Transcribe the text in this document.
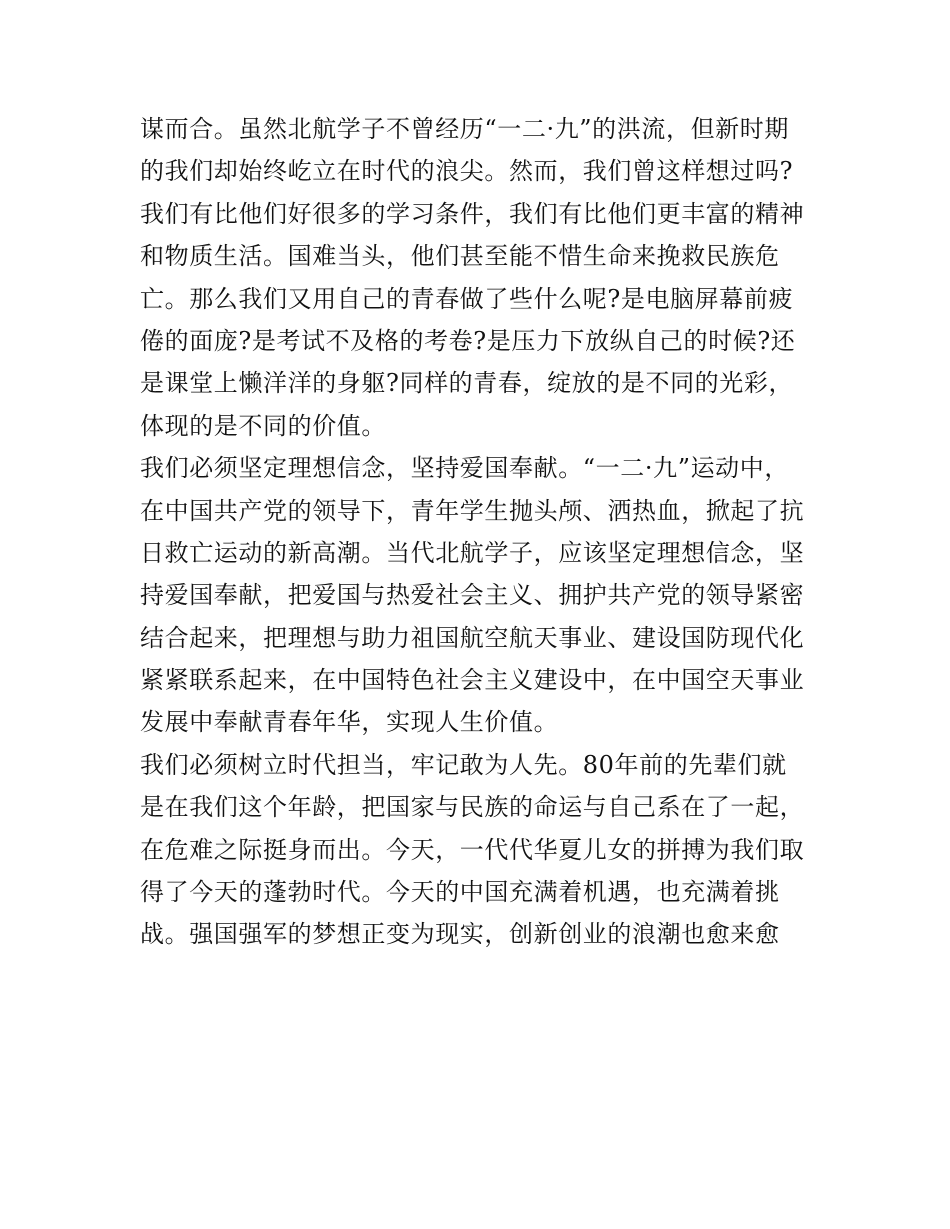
谋而合。虽然北航学子不曾经历“一二·九”的洪流，但新时期
的我们却始终屹立在时代的浪尖。然而，我们曾这样想过吗?
我们有比他们好很多的学习条件，我们有比他们更丰富的精神
和物质生活。国难当头，他们甚至能不惜生命来挽救民族危
亡。那么我们又用自己的青春做了些什么呢?是电脑屏幕前疲
倦的面庞?是考试不及格的考卷?是压力下放纵自己的时候?还
是课堂上懒洋洋的身躯?同样的青春，绽放的是不同的光彩，
体现的是不同的价值。
我们必须坚定理想信念，坚持爱国奉献。“一二·九”运动中，
在中国共产党的领导下，青年学生抛头颅、洒热血，掀起了抗
日救亡运动的新高潮。当代北航学子，应该坚定理想信念，坚
持爱国奉献，把爱国与热爱社会主义、拥护共产党的领导紧密
结合起来，把理想与助力祖国航空航天事业、建设国防现代化
紧紧联系起来，在中国特色社会主义建设中，在中国空天事业
发展中奉献青春年华，实现人生价值。
我们必须树立时代担当，牢记敢为人先。80年前的先辈们就
是在我们这个年龄，把国家与民族的命运与自己系在了一起，
在危难之际挺身而出。今天，一代代华夏儿女的拼搏为我们取
得了今天的蓬勃时代。今天的中国充满着机遇，也充满着挑
战。强国强军的梦想正变为现实，创新创业的浪潮也愈来愈
